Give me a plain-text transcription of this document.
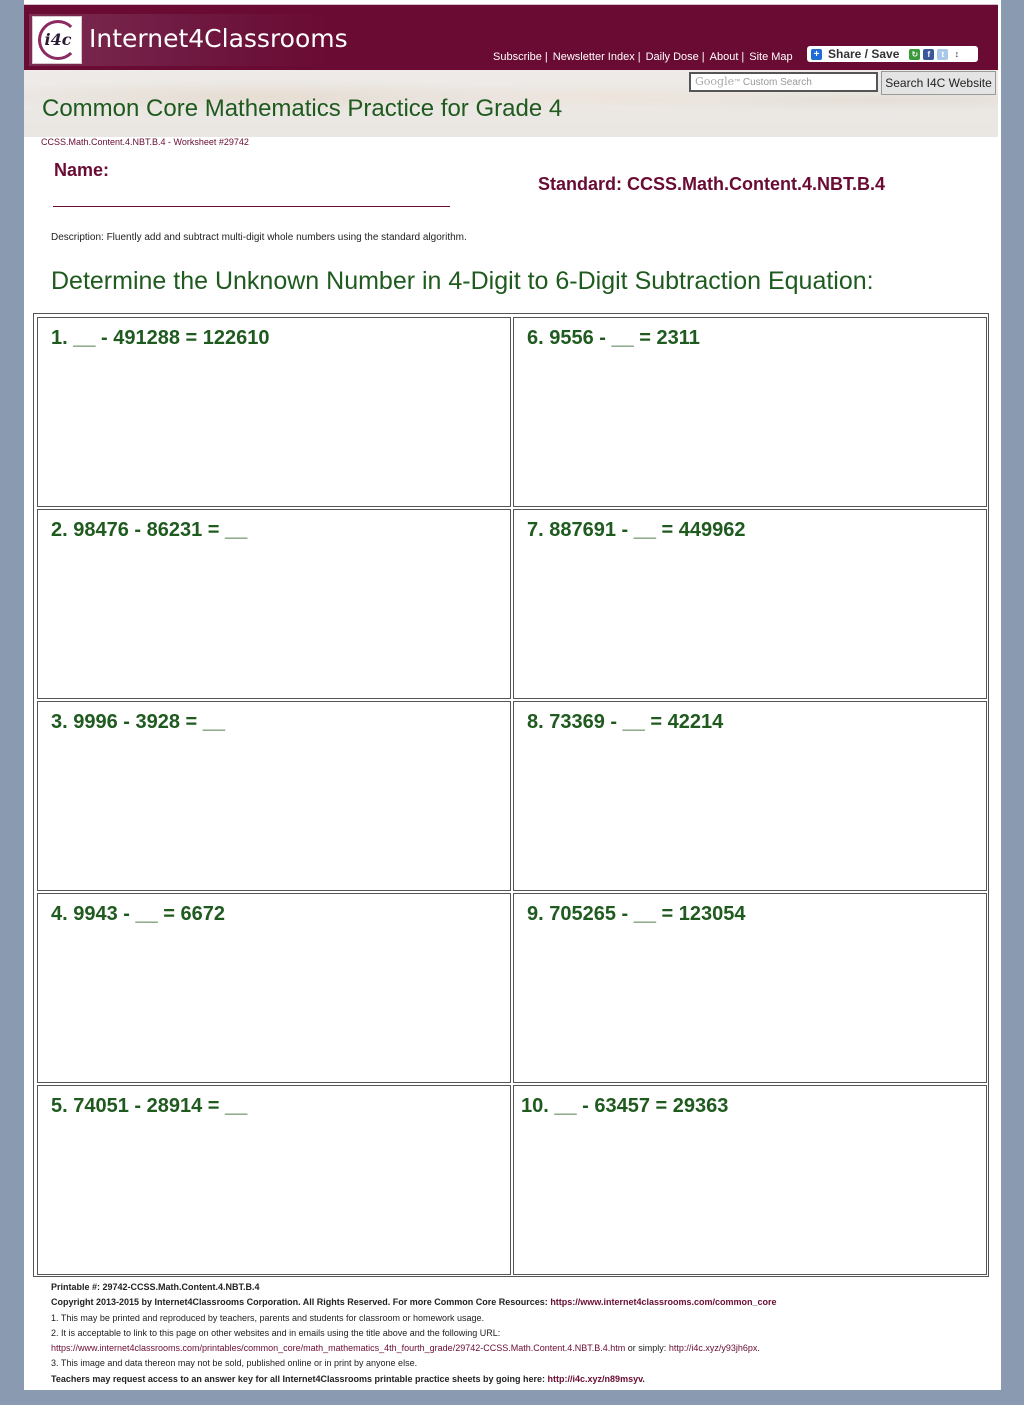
i4c Internet4Classrooms
Subscribe | Newsletter Index | Daily Dose | About | Site Map + Share / Save ↻	f	t	↕
Common Core Mathematics Practice for Grade 4
Google™ Custom Search	Search I4C Website
CCSS.Math.Content.4.NBT.B.4 - Worksheet #29742
Name:
Standard: CCSS.Math.Content.4.NBT.B.4
Description: Fluently add and subtract multi-digit whole numbers using the standard algorithm.
Determine the Unknown Number in 4-Digit to 6-Digit Subtraction Equation:
1. __ - 491288 = 122610	6. 9556 - __ = 2311
2. 98476 - 86231 = __	7. 887691 - __ = 449962
3. 9996 - 3928 = __	8. 73369 - __ = 42214
4. 9943 - __ = 6672	9. 705265 - __ = 123054
5. 74051 - 28914 = __	10. __ - 63457 = 29363
Printable #: 29742-CCSS.Math.Content.4.NBT.B.4
Copyright 2013-2015 by Internet4Classrooms Corporation. All Rights Reserved. For more Common Core Resources: https://www.internet4classrooms.com/common_core
1. This may be printed and reproduced by teachers, parents and students for classroom or homework usage.
2. It is acceptable to link to this page on other websites and in emails using the title above and the following URL:
https://www.internet4classrooms.com/printables/common_core/math_mathematics_4th_fourth_grade/29742-CCSS.Math.Content.4.NBT.B.4.htm or simply: http://i4c.xyz/y93jh6px.
3. This image and data thereon may not be sold, published online or in print by anyone else.
Teachers may request access to an answer key for all Internet4Classrooms printable practice sheets by going here: http://i4c.xyz/n89msyv.
